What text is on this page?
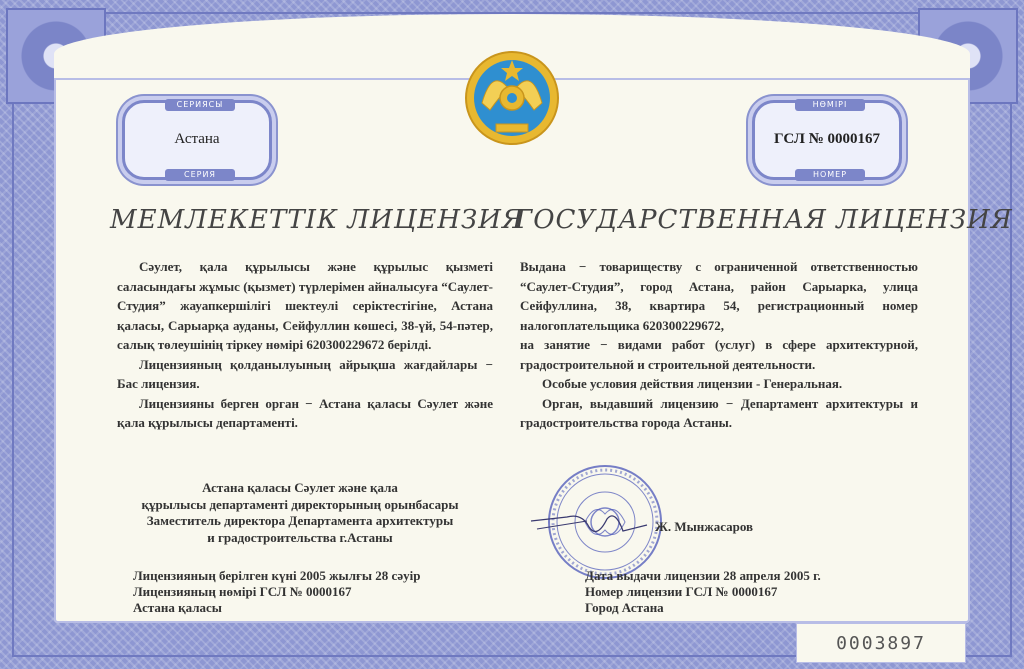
СЕРИЯСЫ
Астана
СЕРИЯ
НӨМІРІ
ГСЛ № 0000167
НОМЕР
МЕМЛЕКЕТТІК ЛИЦЕНЗИЯ
ГОСУДАРСТВЕННАЯ ЛИЦЕНЗИЯ

Сәулет, қала құрылысы және құрылыс қызметі саласындағы жұмыс (қызмет) түрлерімен айналысуға “Саулет-Студия” жауапкершілігі шектеулі серіктестігіне, Астана қаласы, Сарыарқа ауданы, Сейфуллин көшесі, 38-үй, 54-пәтер, салық төлеушінің тіркеу нөмірі 620300229672 берілді.

Лицензияның қолданылуының айрықша жағдайлары − Бас лицензия.

Лицензияны берген орган − Астана қаласы Сәулет және қала құрылысы департаменті.

Выдана − товариществу с ограниченной ответственностью “Саулет-Студия”, город Астана, район Сарыарка, улица Сейфуллина, 38, квартира 54, регистрационный номер налогоплательщика 620300229672,

на занятие − видами работ (услуг) в сфере архитектурной, градостроительной и строительной деятельности.

Особые условия действия лицензии - Генеральная.

Орган, выдавший лицензию − Департамент архитектуры и градостроительства города Астаны.

Астана қаласы Сәулет және қала
құрылысы департаменті директорының орынбасары
Заместитель директора Департамента архитектуры
и градостроительства г.Астаны
Ж. Мынжасаров
Лицензияның берілген күні 2005 жылғы 28 сәуір
Лицензияның нөмірі ГСЛ № 0000167
Астана қаласы
Дата выдачи лицензии 28 апреля 2005 г.
Номер лицензии ГСЛ № 0000167
Город Астана
0003897
